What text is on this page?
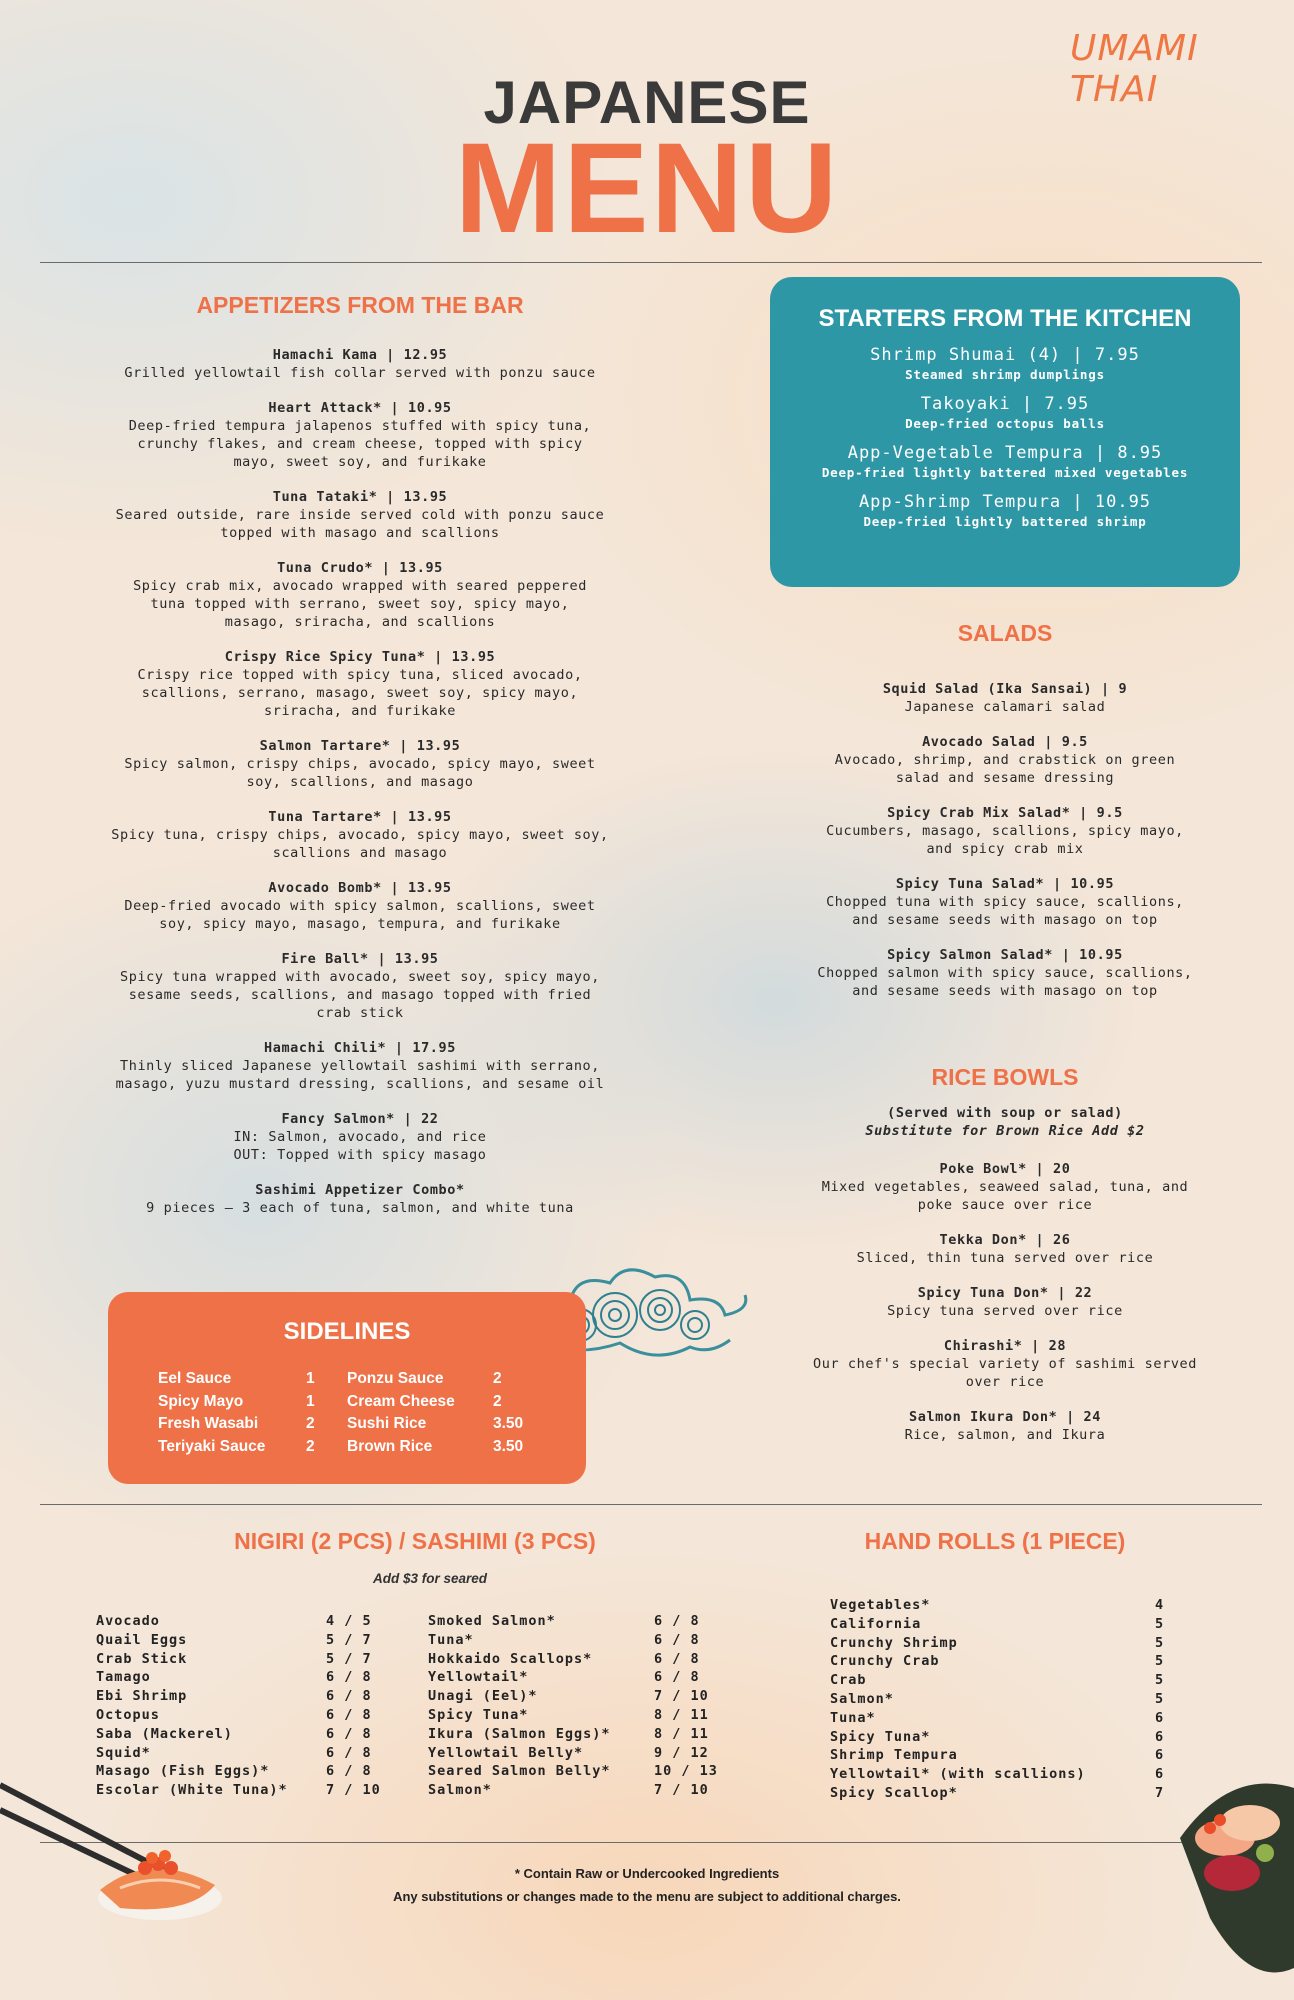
UMAMI THAI
JAPANESE
MENU
APPETIZERS FROM THE BAR
Hamachi Kama | 12.95
Grilled yellowtail fish collar served with ponzu sauce
Heart Attack* | 10.95
Deep-fried tempura jalapenos stuffed with spicy tuna,
crunchy flakes, and cream cheese, topped with spicy
mayo, sweet soy, and furikake
Tuna Tataki* | 13.95
Seared outside, rare inside served cold with ponzu sauce
topped with masago and scallions
Tuna Crudo* | 13.95
Spicy crab mix, avocado wrapped with seared peppered
tuna topped with serrano, sweet soy, spicy mayo,
masago, sriracha, and scallions
Crispy Rice Spicy Tuna* | 13.95
Crispy rice topped with spicy tuna, sliced avocado,
scallions, serrano, masago, sweet soy, spicy mayo,
sriracha, and furikake
Salmon Tartare* | 13.95
Spicy salmon, crispy chips, avocado, spicy mayo, sweet
soy, scallions, and masago
Tuna Tartare* | 13.95
Spicy tuna, crispy chips, avocado, spicy mayo, sweet soy,
scallions and masago
Avocado Bomb* | 13.95
Deep-fried avocado with spicy salmon, scallions, sweet
soy, spicy mayo, masago, tempura, and furikake
Fire Ball* | 13.95
Spicy tuna wrapped with avocado, sweet soy, spicy mayo,
sesame seeds, scallions, and masago topped with fried
crab stick
Hamachi Chili* | 17.95
Thinly sliced Japanese yellowtail sashimi with serrano,
masago, yuzu mustard dressing, scallions, and sesame oil
Fancy Salmon* | 22
IN: Salmon, avocado, and rice
OUT: Topped with spicy masago
Sashimi Appetizer Combo*
9 pieces – 3 each of tuna, salmon, and white tuna
STARTERS FROM THE KITCHEN
Shrimp Shumai (4) | 7.95
Steamed shrimp dumplings
Takoyaki | 7.95
Deep-fried octopus balls
App-Vegetable Tempura | 8.95
Deep-fried lightly battered mixed vegetables
App-Shrimp Tempura | 10.95
Deep-fried lightly battered shrimp
SALADS
Squid Salad (Ika Sansai) | 9
Japanese calamari salad
Avocado Salad | 9.5
Avocado, shrimp, and crabstick on green
salad and sesame dressing
Spicy Crab Mix Salad* | 9.5
Cucumbers, masago, scallions, spicy mayo,
and spicy crab mix
Spicy Tuna Salad* | 10.95
Chopped tuna with spicy sauce, scallions,
and sesame seeds with masago on top
Spicy Salmon Salad* | 10.95
Chopped salmon with spicy sauce, scallions,
and sesame seeds with masago on top
RICE BOWLS
(Served with soup or salad)
Substitute for Brown Rice Add $2
Poke Bowl* | 20
Mixed vegetables, seaweed salad, tuna, and
poke sauce over rice
Tekka Don* | 26
Sliced, thin tuna served over rice
Spicy Tuna Don* | 22
Spicy tuna served over rice
Chirashi* | 28
Our chef's special variety of sashimi served
over rice
Salmon Ikura Don* | 24
Rice, salmon, and Ikura
SIDELINES
Eel Sauce	1	Ponzu Sauce	2
Spicy Mayo	1	Cream Cheese	2
Fresh Wasabi	2	Sushi Rice	3.50
Teriyaki Sauce	2	Brown Rice	3.50
NIGIRI (2 PCS) / SASHIMI (3 PCS)
Add $3 for seared
Avocado	4 / 5
Quail Eggs	5 / 7
Crab Stick	5 / 7
Tamago	6 / 8
Ebi Shrimp	6 / 8
Octopus	6 / 8
Saba (Mackerel)	6 / 8
Squid*	6 / 8
Masago (Fish Eggs)*	6 / 8
Escolar (White Tuna)*	7 / 10
Smoked Salmon*	6 / 8
Tuna*	6 / 8
Hokkaido Scallops*	6 / 8
Yellowtail*	6 / 8
Unagi (Eel)*	7 / 10
Spicy Tuna*	8 / 11
Ikura (Salmon Eggs)*	8 / 11
Yellowtail Belly*	9 / 12
Seared Salmon Belly*	10 / 13
Salmon*	7 / 10
HAND ROLLS (1 PIECE)
Vegetables*	4
California	5
Crunchy Shrimp	5
Crunchy Crab	5
Crab	5
Salmon*	5
Tuna*	6
Spicy Tuna*	6
Shrimp Tempura	6
Yellowtail* (with scallions)	6
Spicy Scallop*	7
* Contain Raw or Undercooked Ingredients
Any substitutions or changes made to the menu are subject to additional charges.
